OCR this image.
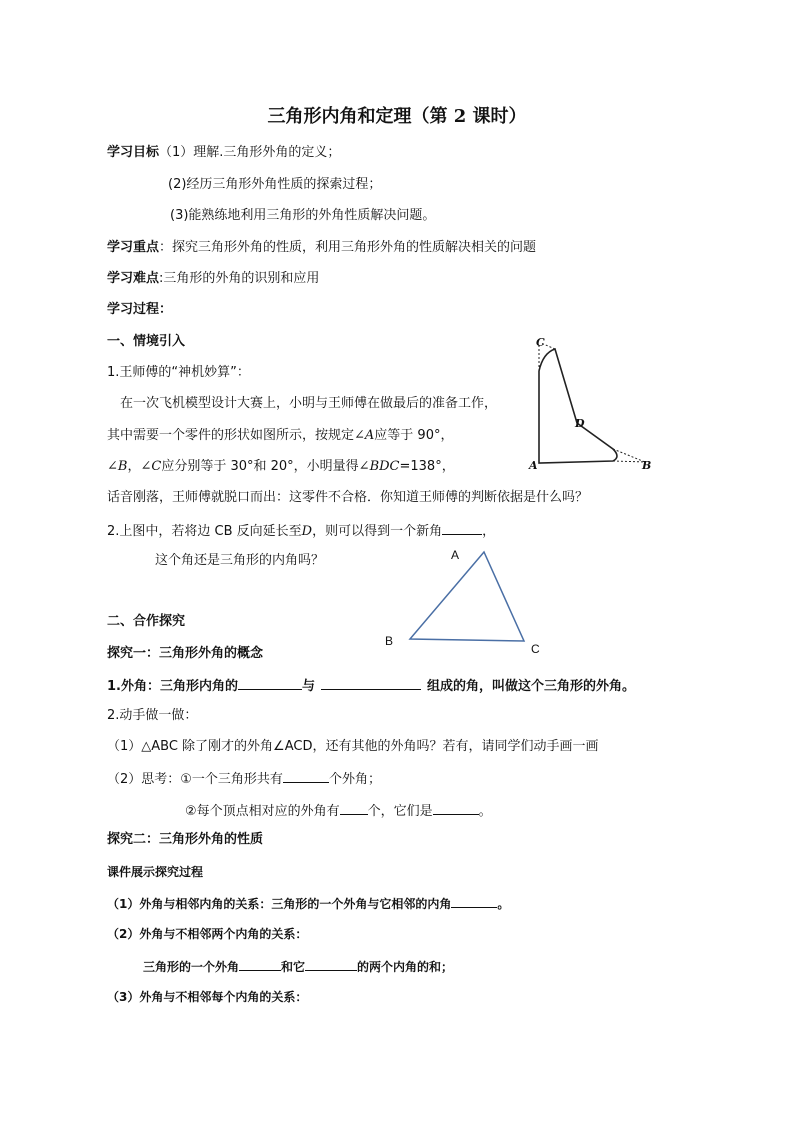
三角形内角和定理（第 2 课时）
学习目标（1）理解.三角形外角的定义；
(2)经历三角形外角性质的探索过程；
(3)能熟练地利用三角形的外角性质解决问题。
学习重点：探究三角形外角的性质，利用三角形外角的性质解决相关的问题
学习难点:三角形的外角的识别和应用
学习过程：
一、情境引入
1.王师傅的“神机妙算”：
在一次飞机模型设计大赛上，小明与王师傅在做最后的准备工作，
其中需要一个零件的形状如图所示，按规定∠A应等于 90°，
∠B，∠C应分别等于 30°和 20°，小明量得∠BDC=138°，
话音刚落，王师傅就脱口而出：这零件不合格．你知道王师傅的判断依据是什么吗？
2.上图中，若将边 CB 反向延长至D，则可以得到一个新角	，
这个角还是三角形的内角吗？
C
D
A	B
A
B
C
二、合作探究
探究一：三角形外角的概念
1.外角：三角形内角的	与	组成的角，叫做这个三角形的外角。
2.动手做一做：
（1）△ABC 除了刚才的外角∠ACD，还有其他的外角吗？若有，请同学们动手画一画
（2）思考：①一个三角形共有	个外角；
②每个顶点相对应的外角有 个，它们是	。
探究二：三角形外角的性质
课件展示探究过程
（1）外角与相邻内角的关系：三角形的一个外角与它相邻的内角	。
（2）外角与不相邻两个内角的关系：
三角形的一个外角	和它	的两个内角的和；
（3）外角与不相邻每个内角的关系：
